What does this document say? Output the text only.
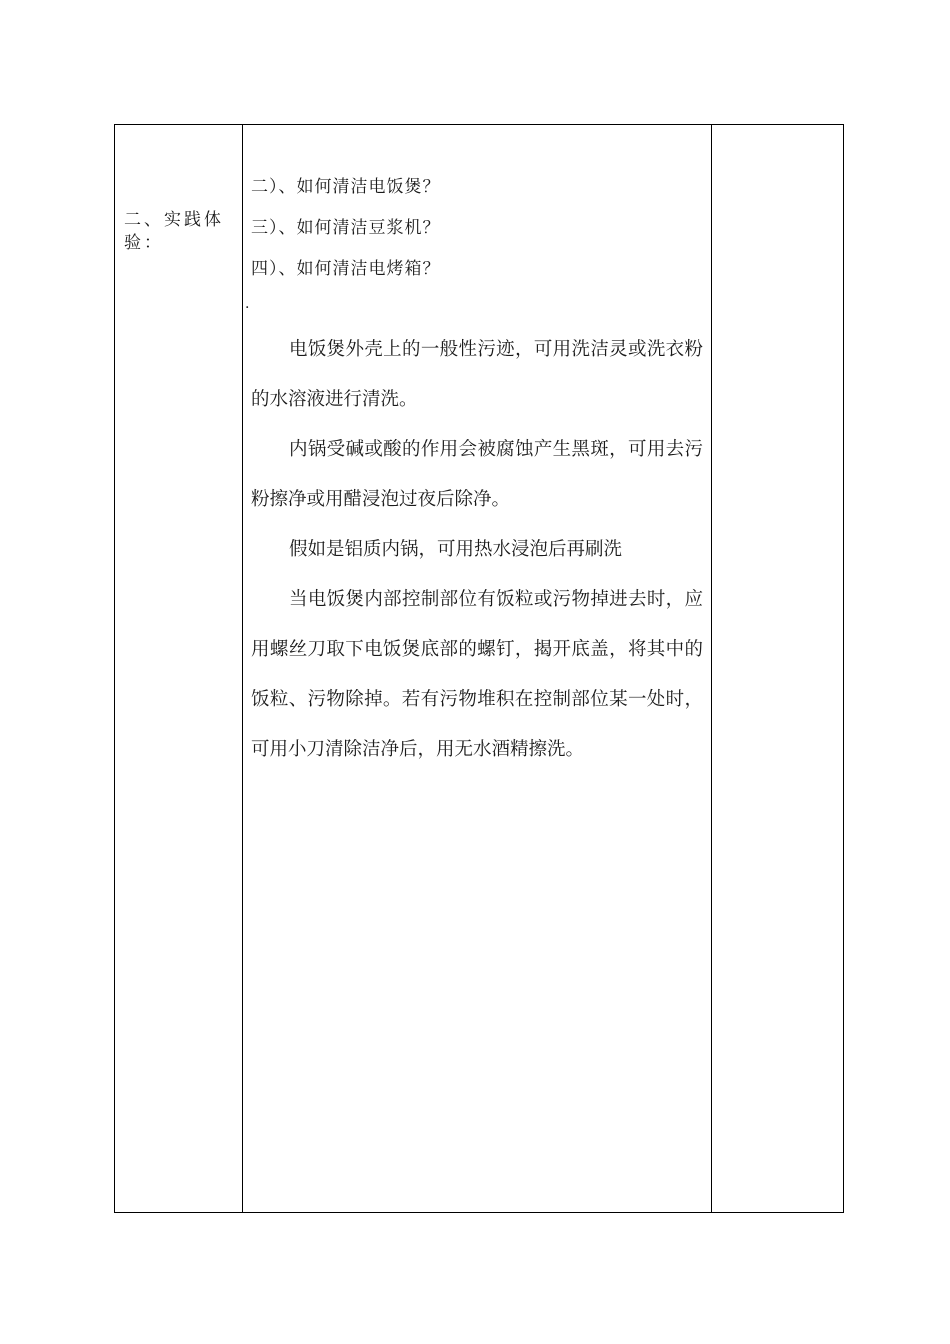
二、实践体验：
二）、如何清洁电饭煲？
三）、如何清洁豆浆机？
四）、如何清洁电烤箱？
·

电饭煲外壳上的一般性污迹，可用洗洁灵或洗衣粉的水溶液进行清洗。

内锅受碱或酸的作用会被腐蚀产生黑斑，可用去污粉擦净或用醋浸泡过夜后除净。

假如是铝质内锅，可用热水浸泡后再刷洗

当电饭煲内部控制部位有饭粒或污物掉进去时，应用螺丝刀取下电饭煲底部的螺钉，揭开底盖，将其中的饭粒、污物除掉。若有污物堆积在控制部位某一处时，可用小刀清除洁净后，用无水酒精擦洗。
